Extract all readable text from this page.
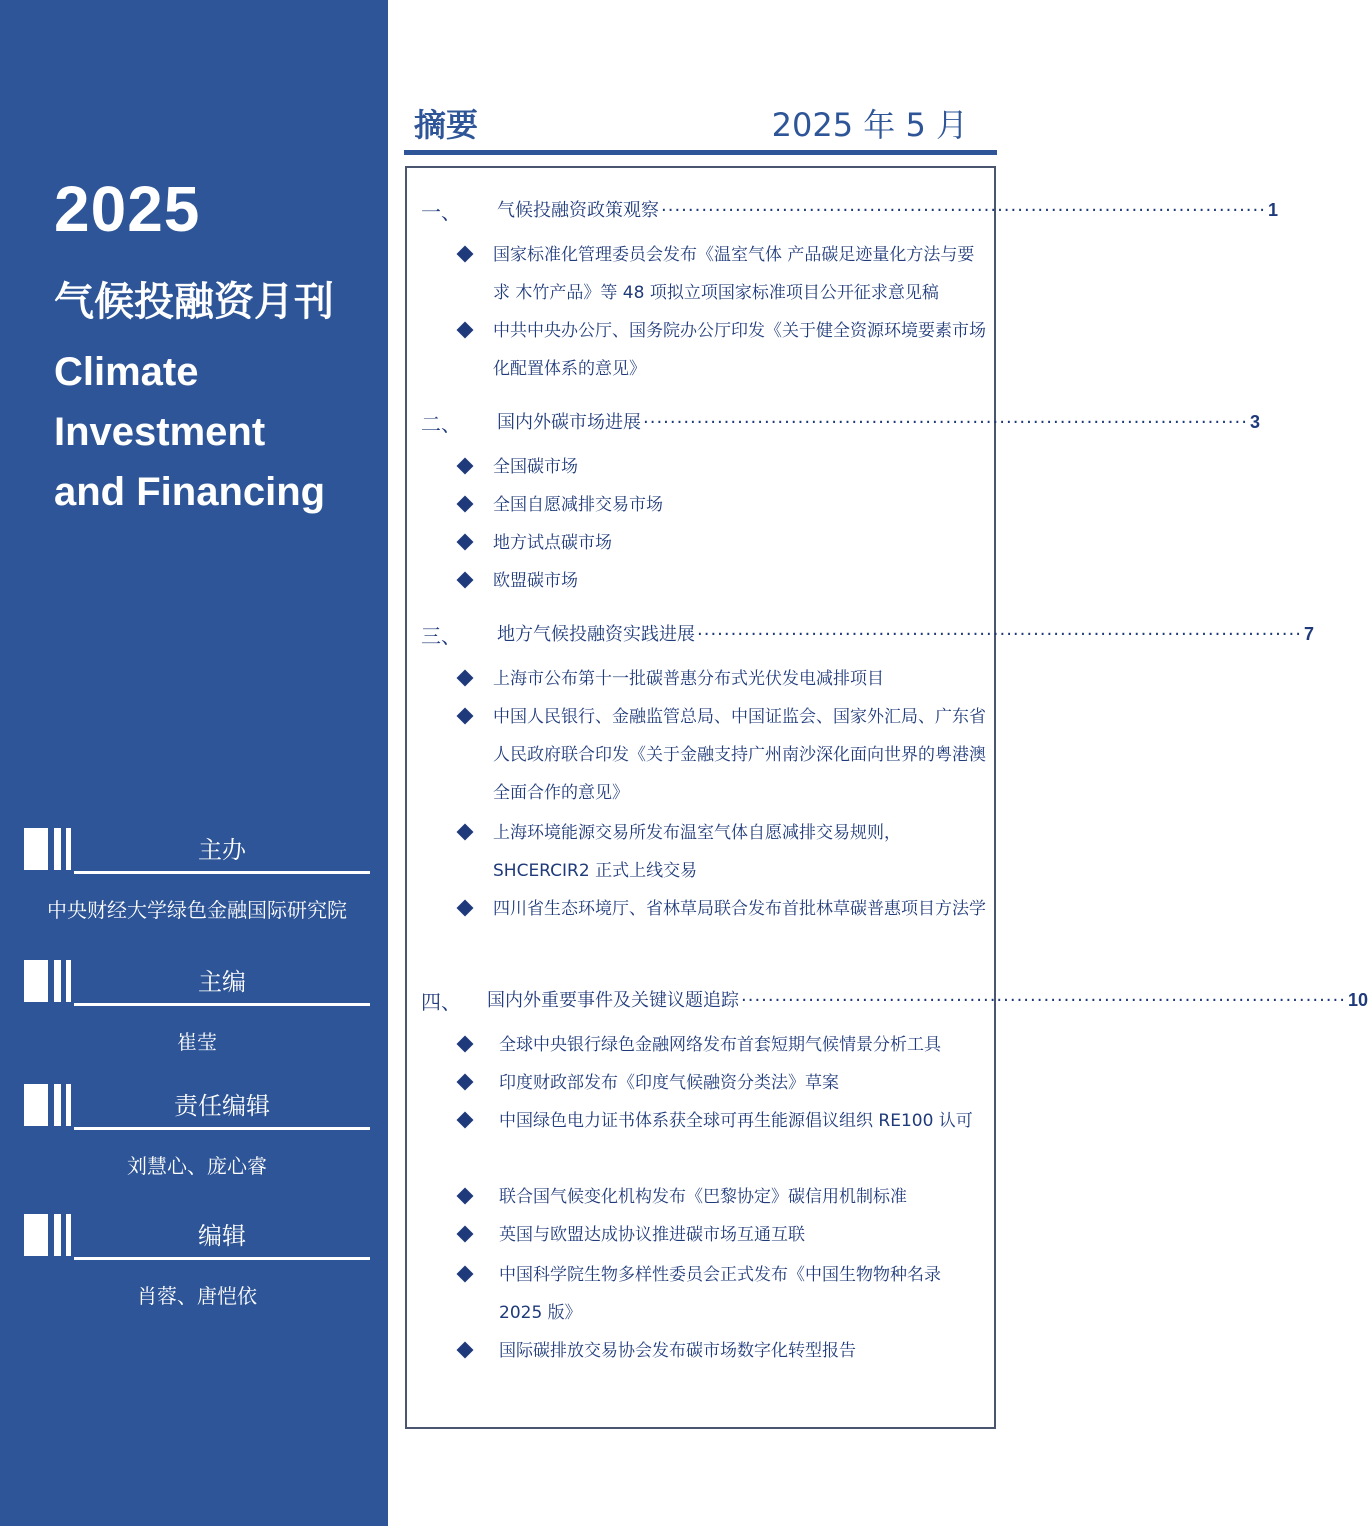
2025
气候投融资月刊
Climate
Investment
and Financing
主办
中央财经大学绿色金融国际研究院
主编
崔莹
责任编辑
刘慧心、庞心睿
编辑
肖蓉、唐恺依
摘要	2025 年 5 月
一、 气候投融资政策观察 ·························································································· 1
国家标准化管理委员会发布《温室气体 产品碳足迹量化方法与要求 木竹产品》等 48 项拟立项国家标准项目公开征求意见稿
中共中央办公厅、国务院办公厅印发《关于健全资源环境要素市场化配置体系的意见》
二、 国内外碳市场进展 ·························································································· 3
全国碳市场
全国自愿减排交易市场
地方试点碳市场
欧盟碳市场
三、 地方气候投融资实践进展 ·························································································· 7
上海市公布第十一批碳普惠分布式光伏发电减排项目
中国人民银行、金融监管总局、中国证监会、国家外汇局、广东省人民政府联合印发《关于金融支持广州南沙深化面向世界的粤港澳全面合作的意见》
上海环境能源交易所发布温室气体自愿减排交易规则，SHCERCIR2 正式上线交易
四川省生态环境厅、省林草局联合发布首批林草碳普惠项目方法学
四、 国内外重要事件及关键议题追踪 ·························································································· 10
全球中央银行绿色金融网络发布首套短期气候情景分析工具
印度财政部发布《印度气候融资分类法》草案
中国绿色电力证书体系获全球可再生能源倡议组织 RE100 认可
联合国气候变化机构发布《巴黎协定》碳信用机制标准
英国与欧盟达成协议推进碳市场互通互联
中国科学院生物多样性委员会正式发布《中国生物物种名录 2025 版》
国际碳排放交易协会发布碳市场数字化转型报告
